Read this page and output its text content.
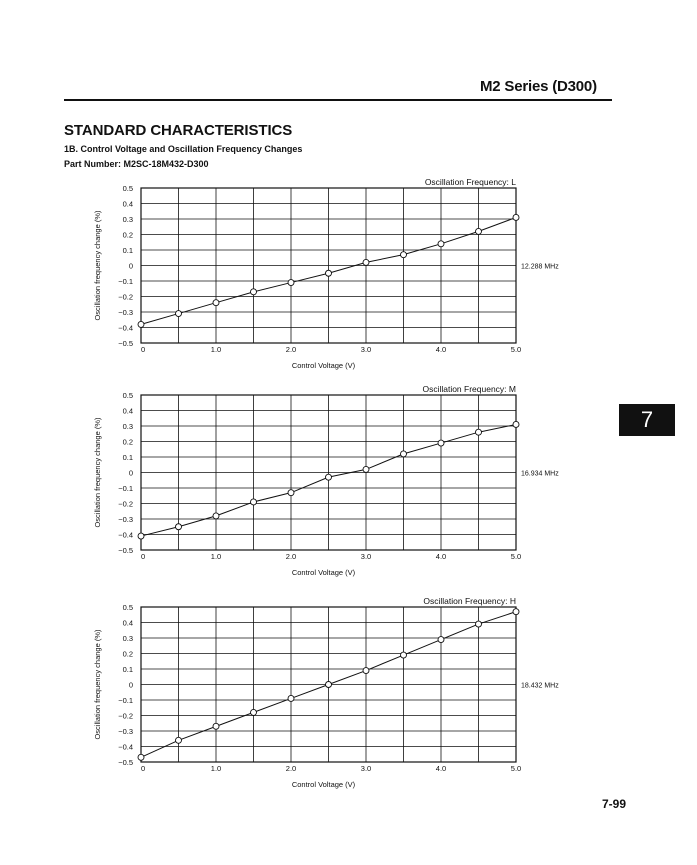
M2 Series (D300)
STANDARD CHARACTERISTICS
1B. Control Voltage and Oscillation Frequency Changes
Part Number: M2SC-18M432-D300
0.5
0.4
0.3
0.2
0.1
0
−0.1
−0.2
−0.3
−0.4
−0.5
0	1.0	2.0	3.0	4.0	5.0
Oscillation Frequency: L
Control Voltage (V)
Oscillation frequency change (%)	12.288 MHz
0.5
0.4
0.3
0.2
0.1
0
−0.1
−0.2
−0.3
−0.4
−0.5
0	1.0	2.0	3.0	4.0	5.0
Oscillation Frequency: M
Control Voltage (V)
Oscillation frequency change (%)	16.934 MHz
0.5
0.4
0.3
0.2
0.1
0
−0.1
−0.2
−0.3
−0.4
−0.5
0	1.0	2.0	3.0	4.0	5.0
Oscillation Frequency: H
Control Voltage (V)
Oscillation frequency change (%)	18.432 MHz
7
7-99
